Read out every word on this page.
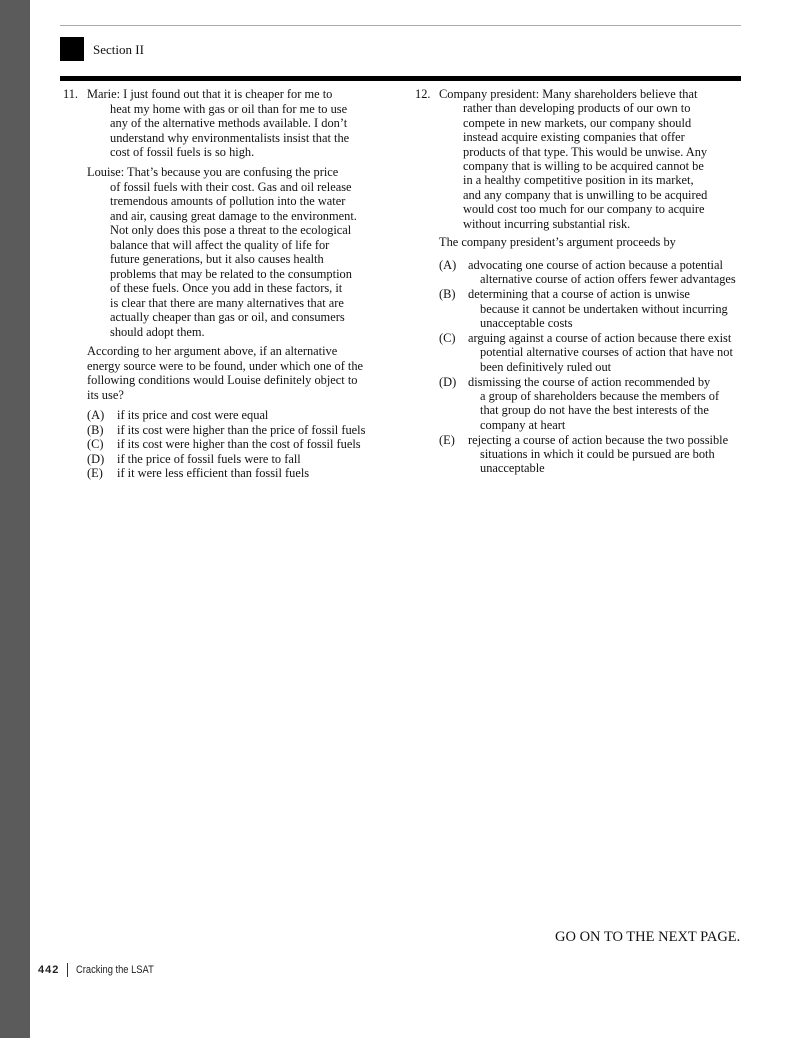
Section II
11. Marie: I just found out that it is cheaper for me to
heat my home with gas or oil than for me to use
any of the alternative methods available. I don’t
understand why environmentalists insist that the
cost of fossil fuels is so high.
Louise: That’s because you are confusing the price
of fossil fuels with their cost. Gas and oil release
tremendous amounts of pollution into the water
and air, causing great damage to the environment.
Not only does this pose a threat to the ecological
balance that will affect the quality of life for
future generations, but it also causes health
problems that may be related to the consumption
of these fuels. Once you add in these factors, it
is clear that there are many alternatives that are
actually cheaper than gas or oil, and consumers
should adopt them.
According to her argument above, if an alternative
energy source were to be found, under which one of the
following conditions would Louise definitely object to
its use?
(A) if its price and cost were equal
(B) if its cost were higher than the price of fossil fuels
(C) if its cost were higher than the cost of fossil fuels
(D) if the price of fossil fuels were to fall
(E) if it were less efficient than fossil fuels
12. Company president: Many shareholders believe that
rather than developing products of our own to
compete in new markets, our company should
instead acquire existing companies that offer
products of that type. This would be unwise. Any
company that is willing to be acquired cannot be
in a healthy competitive position in its market,
and any company that is unwilling to be acquired
would cost too much for our company to acquire
without incurring substantial risk.
The company president’s argument proceeds by
(A) advocating one course of action because a potential
alternative course of action offers fewer advantages
(B) determining that a course of action is unwise
because it cannot be undertaken without incurring
unacceptable costs
(C) arguing against a course of action because there exist
potential alternative courses of action that have not
been definitively ruled out
(D) dismissing the course of action recommended by
a group of shareholders because the members of
that group do not have the best interests of the
company at heart
(E) rejecting a course of action because the two possible
situations in which it could be pursued are both
unacceptable
GO ON TO THE NEXT PAGE.
442 Cracking the LSAT
